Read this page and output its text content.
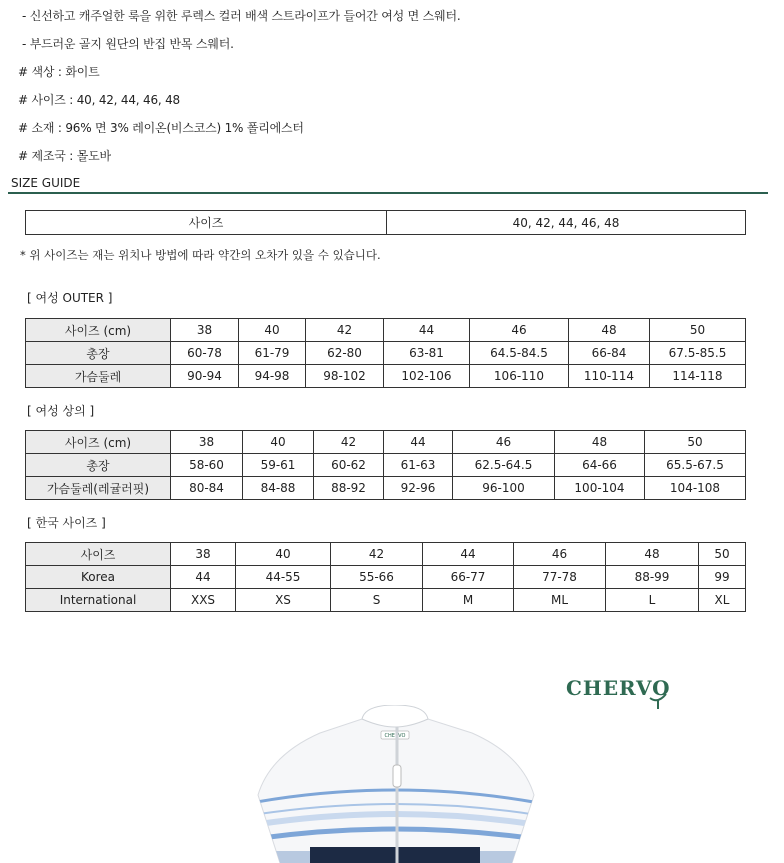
- 신선하고 캐주얼한 룩을 위한 루렉스 컬러 배색 스트라이프가 들어간 여성 면 스웨터.
- 부드러운 골지 원단의 반집 반목 스웨터.
# 색상 : 화이트
# 사이즈 : 40, 42, 44, 46, 48
# 소재 : 96% 면 3% 레이온(비스코스) 1% 폴리에스터
# 제조국 : 몰도바
SIZE GUIDE
사이즈	40, 42, 44, 46, 48
* 위 사이즈는 재는 위치나 방법에 따라 약간의 오차가 있을 수 있습니다.
[ 여성 OUTER ]
사이즈 (cm)	38	40	42	44	46	48	50
총장	60-78	61-79	62-80	63-81	64.5-84.5	66-84	67.5-85.5
가슴둘레	90-94	94-98	98-102	102-106	106-110	110-114	114-118
[ 여성 상의 ]
사이즈 (cm)	38	40	42	44	46	48	50
총장	58-60	59-61	60-62	61-63	62.5-64.5	64-66	65.5-67.5
가슴둘레(레귤러핏)	80-84	84-88	88-92	92-96	96-100	100-104	104-108
[ 한국 사이즈 ]
사이즈	38	40	42	44	46	48	50
Korea	44	44-55	55-66	66-77	77-78	88-99	99
International	XXS	XS	S	M	ML	L	XL
CHERVO
CHERVO
